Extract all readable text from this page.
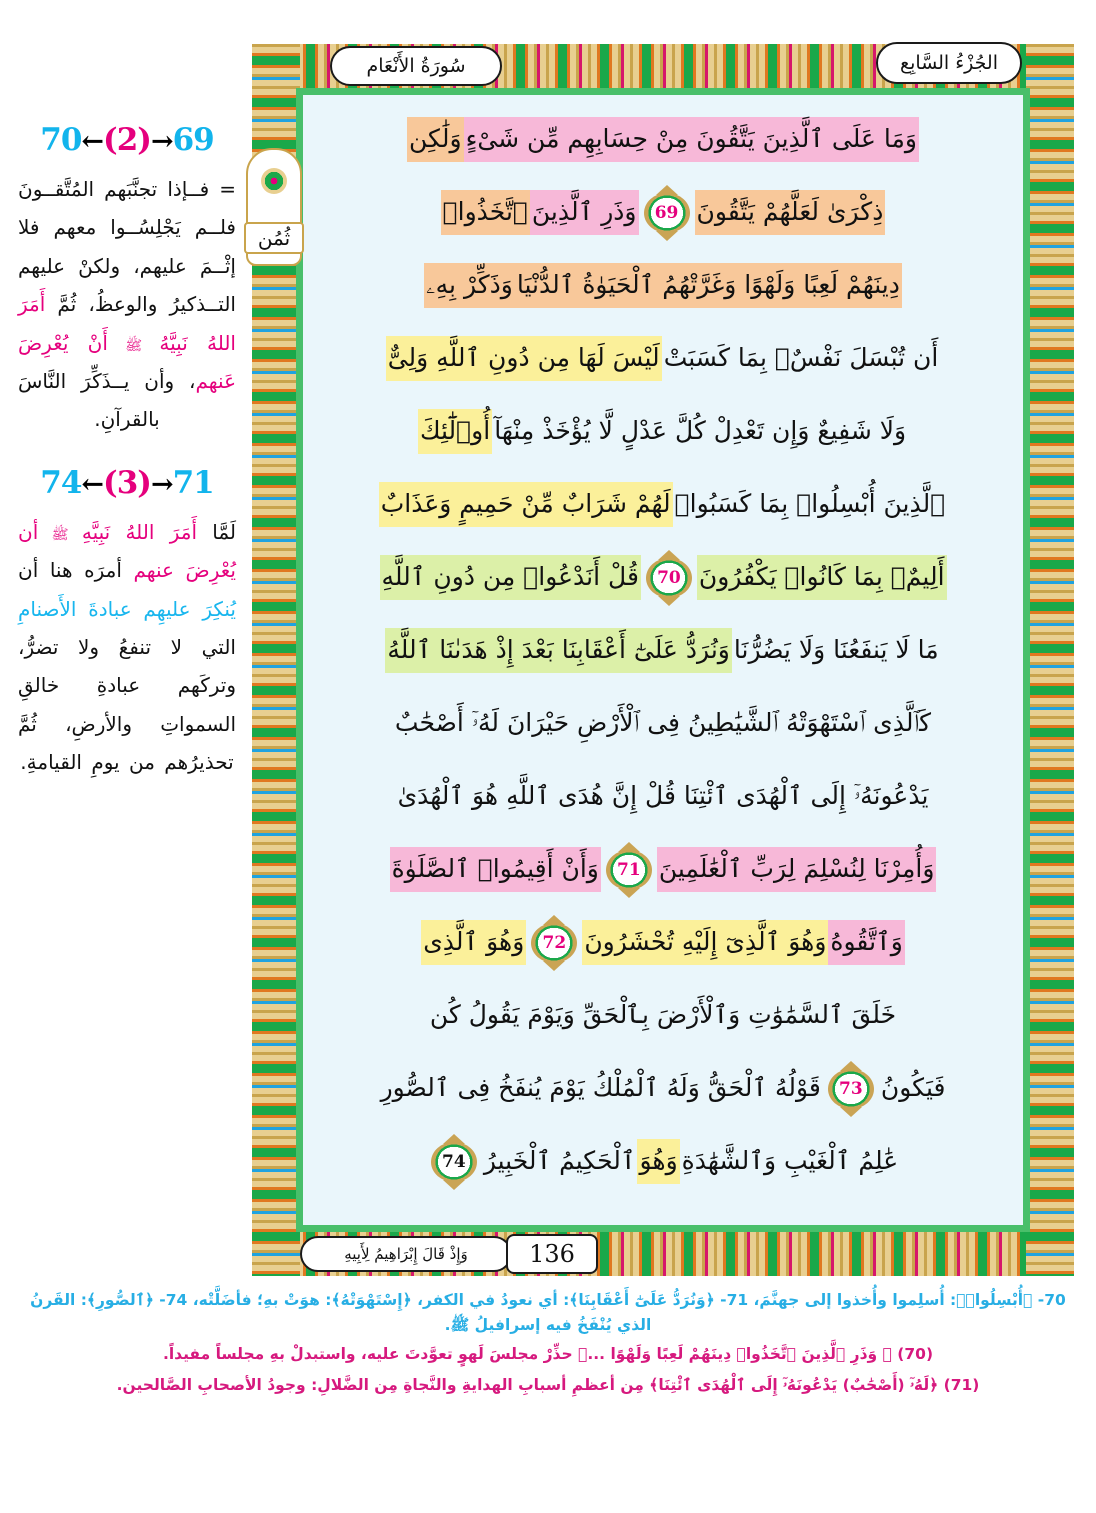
70←(2)→69
= فــإذا تجنَّبَهم المُتَّقــونَ فلــم يَجْلِسُــوا معهم فلا إثْــمَ عليهم، ولكنْ عليهم التــذكيرُ والوعظُ، ثُمَّ أَمَرَ اللهُ نَبِيَّهُ ﷺ أَنْ يُعْرِضَ عَنهم، وأن يــذَكِّرَ النَّاسَ بالقرآنِ.
74←(3)→71
لَمَّا أَمَرَ اللهُ نَبِيَّهِ ﷺ أن يُعْرِضَ عنهم أمرَه هنا أن يُنكِرَ عليهِم عبادةَ الأَصنامِ التي لا تنفعُ ولا تضرُّ، وتركَهم عبادةِ خالقِ السمواتِ والأرضِ، ثُمَّ تحذيرُهم من يومِ القيامةِ.
وَمَا عَلَى ٱلَّذِينَ يَتَّقُونَ مِنْ حِسَابِهِم مِّن شَىْءٍ
وَلَٰكِن
ذِكْرَىٰ لَعَلَّهُمْ يَتَّقُونَ
69
وَذَرِ ٱلَّذِينَ
ٱتَّخَذُوا۟
دِينَهُمْ لَعِبًا وَلَهْوًا وَغَرَّتْهُمُ ٱلْحَيَوٰةُ ٱلدُّنْيَا
وَذَكِّرْ بِهِۦ
أَن تُبْسَلَ نَفْسٌۢ بِمَا كَسَبَتْ
لَيْسَ لَهَا مِن دُونِ ٱللَّهِ وَلِىٌّ
وَلَا شَفِيعٌ وَإِن تَعْدِلْ كُلَّ عَدْلٍ لَّا يُؤْخَذْ مِنْهَآ
أُو۟لَٰٓئِكَ
ٱلَّذِينَ أُبْسِلُوا۟ بِمَا كَسَبُوا۟
لَهُمْ شَرَابٌ مِّنْ حَمِيمٍ وَعَذَابٌ
أَلِيمٌۢ بِمَا كَانُوا۟ يَكْفُرُونَ
70
قُلْ أَنَدْعُوا۟ مِن دُونِ ٱللَّهِ
مَا لَا يَنفَعُنَا وَلَا يَضُرُّنَا
وَنُرَدُّ عَلَىٰٓ أَعْقَابِنَا بَعْدَ إِذْ هَدَىٰنَا ٱللَّهُ
كَٱلَّذِى ٱسْتَهْوَتْهُ ٱلشَّيَٰطِينُ فِى ٱلْأَرْضِ حَيْرَانَ لَهُۥٓ أَصْحَٰبٌ
يَدْعُونَهُۥٓ إِلَى ٱلْهُدَى ٱئْتِنَا قُلْ إِنَّ هُدَى ٱللَّهِ هُوَ ٱلْهُدَىٰ
وَأُمِرْنَا لِنُسْلِمَ لِرَبِّ ٱلْعَٰلَمِينَ
71
وَأَنْ أَقِيمُوا۟ ٱلصَّلَوٰةَ
وَٱتَّقُوهُ
وَهُوَ ٱلَّذِىٓ إِلَيْهِ تُحْشَرُونَ
72
وَهُوَ ٱلَّذِى
خَلَقَ ٱلسَّمَٰوَٰتِ وَٱلْأَرْضَ بِٱلْحَقِّ وَيَوْمَ يَقُولُ كُن
فَيَكُونُ
73
قَوْلُهُ ٱلْحَقُّ وَلَهُ ٱلْمُلْكُ يَوْمَ يُنفَخُ فِى ٱلصُّورِ
عَٰلِمُ ٱلْغَيْبِ وَٱلشَّهَٰدَةِ
وَهُوَ
ٱلْحَكِيمُ ٱلْخَبِيرُ
74
سُورَةُ الأَنْعَام	الجُزْءُ السَّابِع
وَإِذْ قَالَ إِبْرَاهِيمُ لِأَبِيهِ	136
ثُمُن
70- ﴿أُبْسِلُوا۟﴾: أُسلِموا وأُخذوا إلى جهنَّمَ، 71- ﴿وَنُرَدُّ عَلَىٰٓ أَعْقَابِنَا﴾: أي نعودُ في الكفر، ﴿إِسْتَهْوَتْهُ﴾: هوَتْ بهِ؛ فأضَلَّتْه، 74- ﴿ٱلصُّورِ﴾: القَرنُ
الذي يُنْفَخُ فيه إسرافيلُ ﷺ.
(70) ﴿ وَذَرِ ٱلَّذِينَ ٱتَّخَذُوا۟ دِينَهُمْ لَعِبًا وَلَهْوًا ...﴾ حذِّرْ مجلسَ لَهوٍ تعوَّدتَ عليه، واستبدلْ بهِ مجلساً مفيداً.
(71) ﴿لَهُۥٓ (أَصْحَٰبٌ) يَدْعُونَهُۥٓ إِلَى ٱلْهُدَى ٱئْتِنَا﴾ مِن أعظمِ أسبابِ الهدايةِ والنَّجاةِ مِن الضَّلالِ: وجودُ الأصحابِ الصَّالحين.
